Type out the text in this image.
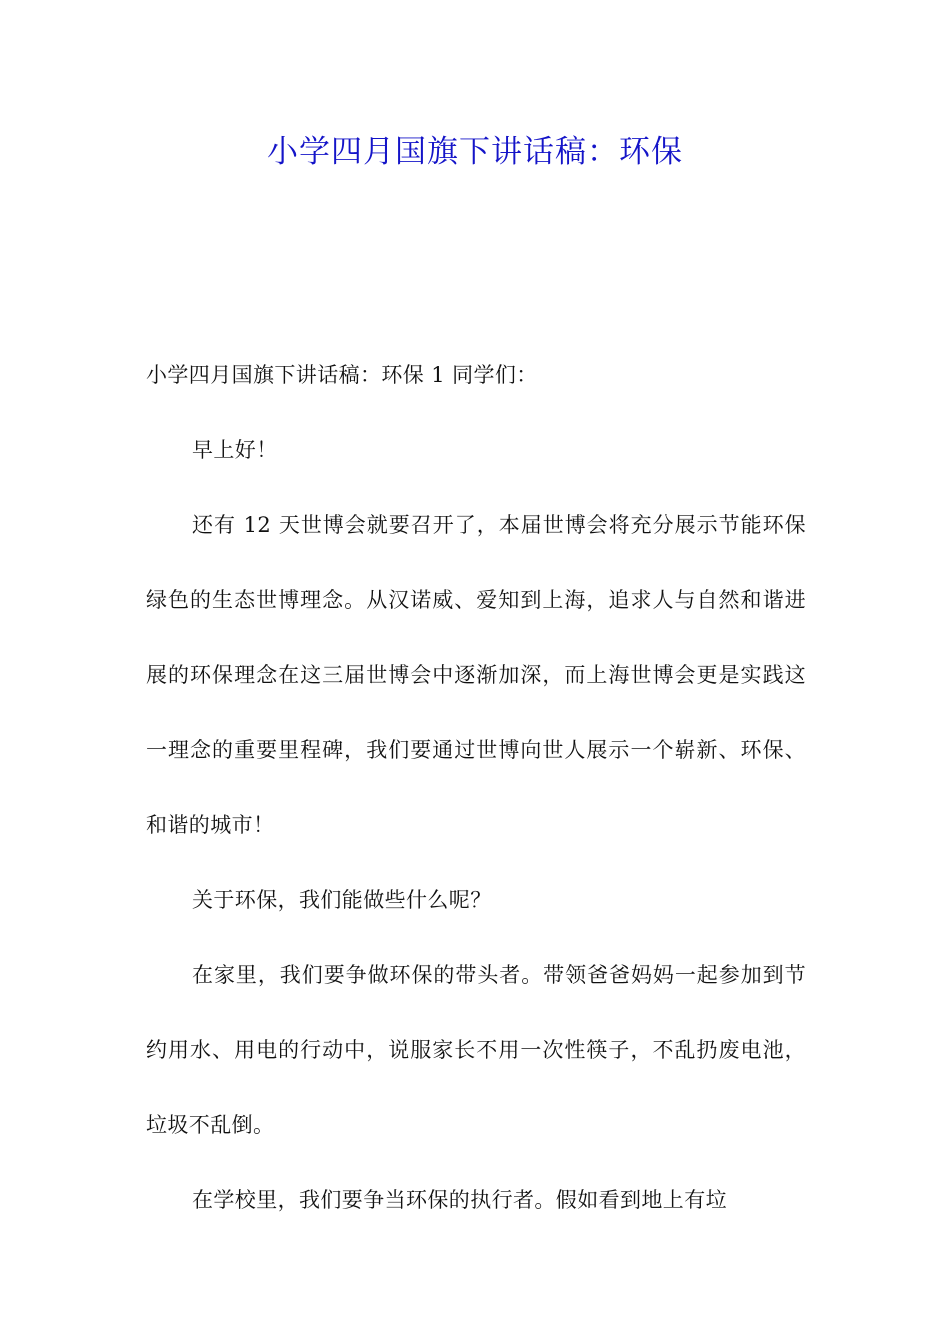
小学四月国旗下讲话稿：环保

小学四月国旗下讲话稿：环保 1 同学们：

早上好！

还有 12 天世博会就要召开了，本届世博会将充分展示节能环保绿色的生态世博理念。从汉诺威、爱知到上海，追求人与自然和谐进展的环保理念在这三届世博会中逐渐加深，而上海世博会更是实践这一理念的重要里程碑，我们要通过世博向世人展示一个崭新、环保、和谐的城市！

关于环保，我们能做些什么呢？

在家里，我们要争做环保的带头者。带领爸爸妈妈一起参加到节约用水、用电的行动中，说服家长不用一次性筷子，不乱扔废电池，垃圾不乱倒。

在学校里，我们要争当环保的执行者。假如看到地上有垃
